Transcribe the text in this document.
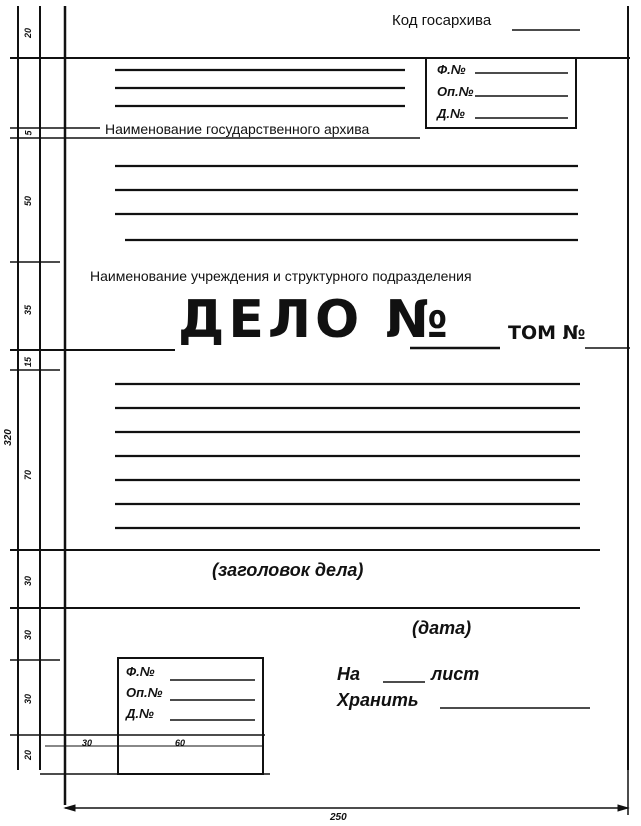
Код госархива
Наименование государственного архива
Наименование учреждения и структурного подразделения
Ф.№
Оп.№
Д.№
ДЕЛО №	ТОМ №
(заголовок дела)
(дата)
На	лист
Хранить
Ф.№
Оп.№
Д.№
250
320
30	60
20
5
50
35
15
70
30
30
30
20
